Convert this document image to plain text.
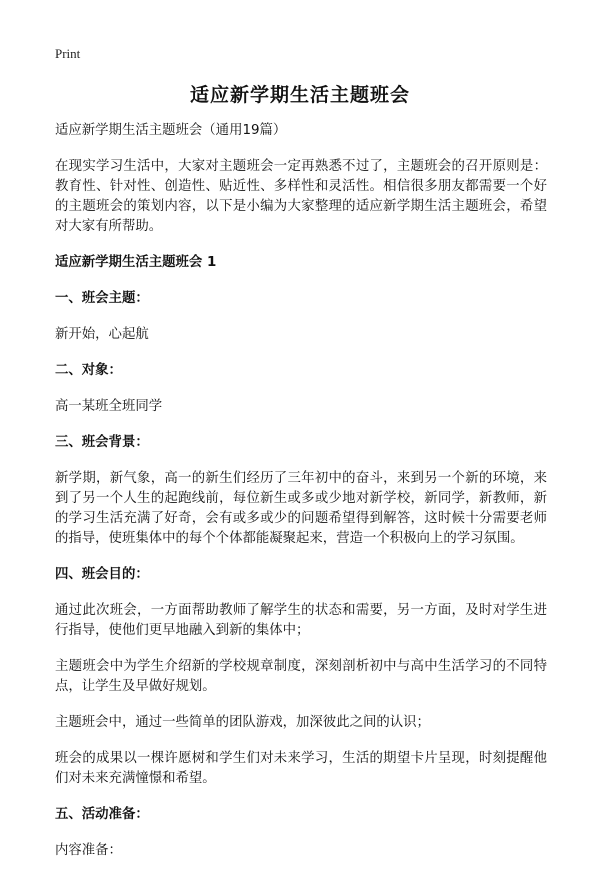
Print
适应新学期生活主题班会

适应新学期生活主题班会（通用19篇）

在现实学习生活中，大家对主题班会一定再熟悉不过了，主题班会的召开原则是：教育性、针对性、创造性、贴近性、多样性和灵活性。相信很多朋友都需要一个好的主题班会的策划内容，以下是小编为大家整理的适应新学期生活主题班会，希望对大家有所帮助。

适应新学期生活主题班会 1

一、班会主题：

新开始，心起航

二、对象：

高一某班全班同学

三、班会背景：

新学期，新气象，高一的新生们经历了三年初中的奋斗，来到另一个新的环境，来到了另一个人生的起跑线前，每位新生或多或少地对新学校，新同学，新教师，新的学习生活充满了好奇，会有或多或少的问题希望得到解答，这时候十分需要老师的指导，使班集体中的每个个体都能凝聚起来，营造一个积极向上的学习氛围。

四、班会目的：

通过此次班会，一方面帮助教师了解学生的状态和需要，另一方面，及时对学生进行指导，使他们更早地融入到新的集体中；

主题班会中为学生介绍新的学校规章制度，深刻剖析初中与高中生活学习的不同特点，让学生及早做好规划。

主题班会中，通过一些简单的团队游戏，加深彼此之间的认识；

班会的成果以一棵许愿树和学生们对未来学习，生活的期望卡片呈现，时刻提醒他们对未来充满憧憬和希望。

五、活动准备：

内容准备：
